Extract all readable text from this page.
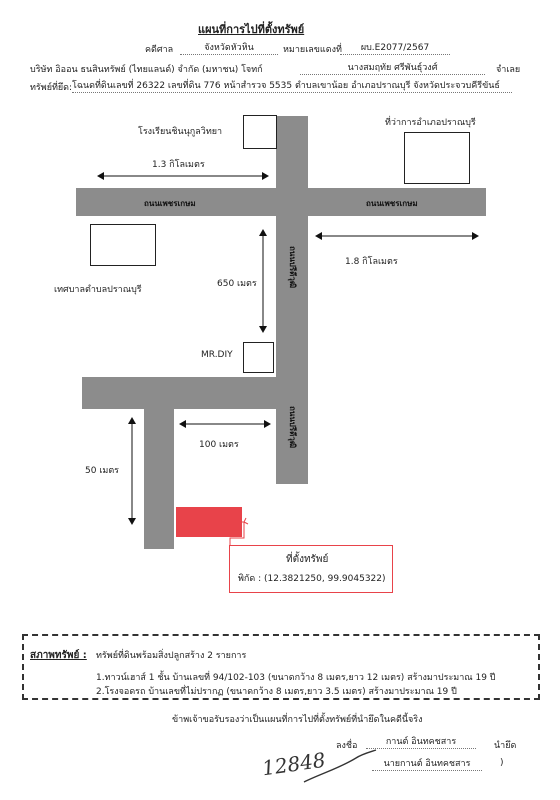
แผนที่การไปที่ตั้งทรัพย์
คดีศาล	จังหวัดหัวหิน	หมายเลขแดงที่	ผบ.E2077/2567
บริษัท อิออน ธนสินทรัพย์ (ไทยแลนด์) จำกัด (มหาชน) โจทก์	นางสมฤทัย ศรีพันธุ์วงศ์	จำเลย
ทรัพย์ที่ยึด: โฉนดที่ดินเลขที่ 26322 เลขที่ดิน 776 หน้าสำรวจ 5535 ตำบลเขาน้อย อำเภอปราณบุรี จังหวัดประจวบคีรีขันธ์
ถนนเพชรเกษม	ถนนเพชรเกษม
ถนนปรีดีวุฒิ
ถนนปรีดีวุฒิ
โรงเรียนชินนุกูลวิทยา
ที่ว่าการอำเภอปราณบุรี
เทศบาลตำบลปราณบุรี
MR.DIY
1.3 กิโลเมตร
1.8 กิโลเมตร
650 เมตร
100 เมตร
50 เมตร
ที่ตั้งทรัพย์
พิกัด : (12.3821250, 99.9045322)
สภาพทรัพย์ : ทรัพย์ที่ดินพร้อมสิ่งปลูกสร้าง 2 รายการ
1.ทาวน์เฮาส์ 1 ชั้น บ้านเลขที่ 94/102-103 (ขนาดกว้าง 8 เมตร,ยาว 12 เมตร) สร้างมาประมาณ 19 ปี
2.โรงจอดรถ บ้านเลขที่ไม่ปรากฏ (ขนาดกว้าง 8 เมตร,ยาว 3.5 เมตร) สร้างมาประมาณ 19 ปี
ข้าพเจ้าขอรับรองว่าเป็นแผนที่การไปที่ตั้งทรัพย์ที่นำยึดในคดีนี้จริง
ลงชื่อ	กานต์ อินทคชสาร	นำยึด
นายกานต์ อินทคชสาร	)
12848
